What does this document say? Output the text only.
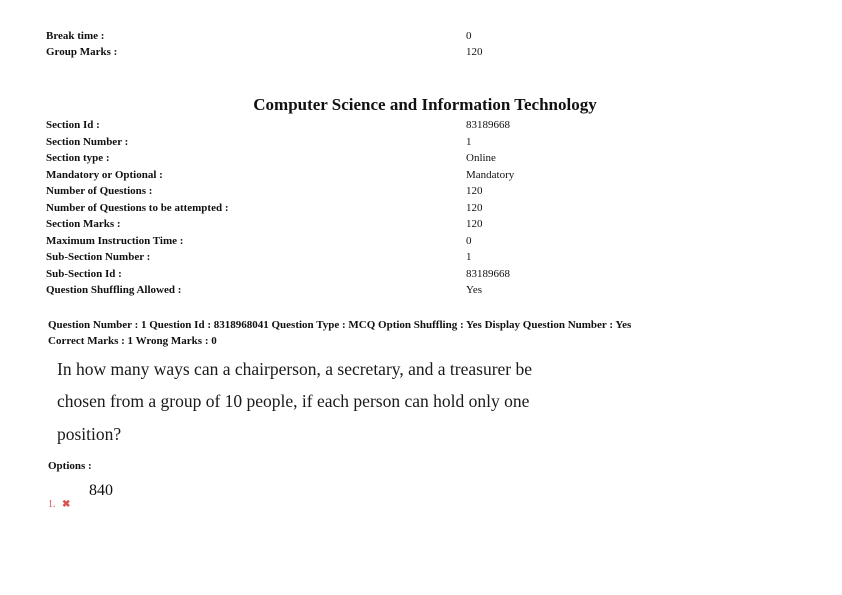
Break time :	0
Group Marks :	120
Computer Science and Information Technology
Section Id :	83189668
Section Number :	1
Section type :	Online
Mandatory or Optional :	Mandatory
Number of Questions :	120
Number of Questions to be attempted :	120
Section Marks :	120
Maximum Instruction Time :	0
Sub-Section Number :	1
Sub-Section Id :	83189668
Question Shuffling Allowed :	Yes
Question Number : 1 Question Id : 8318968041 Question Type : MCQ Option Shuffling : Yes Display Question Number : Yes
Correct Marks : 1 Wrong Marks : 0
In how many ways can a chairperson, a secretary, and a treasurer be
chosen from a group of 10 people, if each person can hold only one
position?
Options :
840
1. ✖
